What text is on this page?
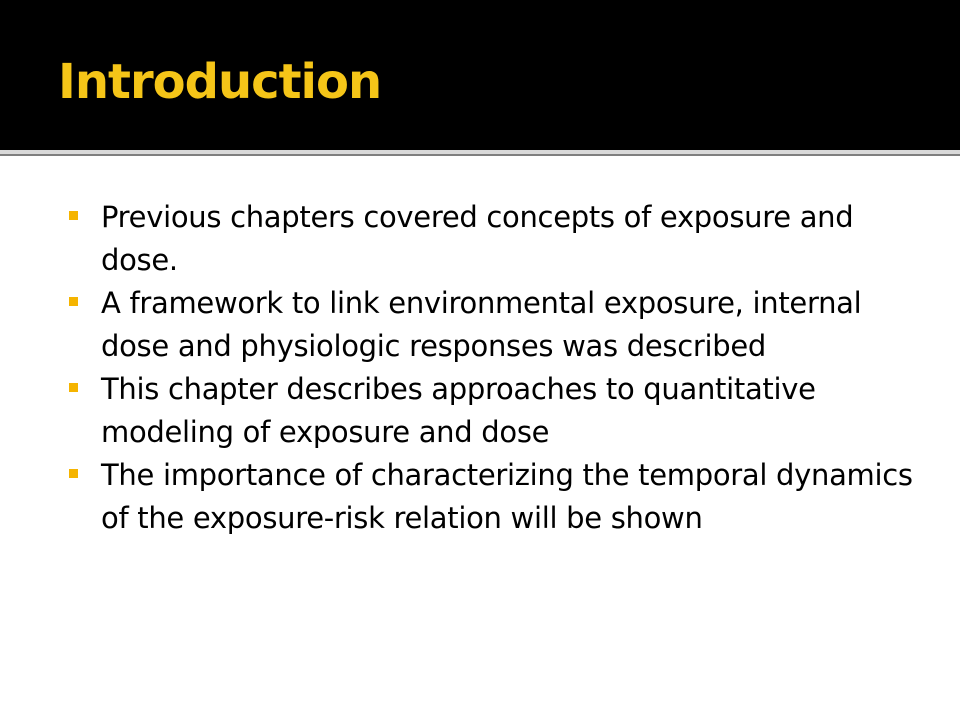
Introduction
Previous chapters covered concepts of exposure and dose.
A framework to link environmental exposure, internal dose and physiologic responses was described
This chapter describes approaches to quantitative modeling of exposure and dose
The importance of characterizing the temporal dynamics of the exposure-risk relation will be shown
